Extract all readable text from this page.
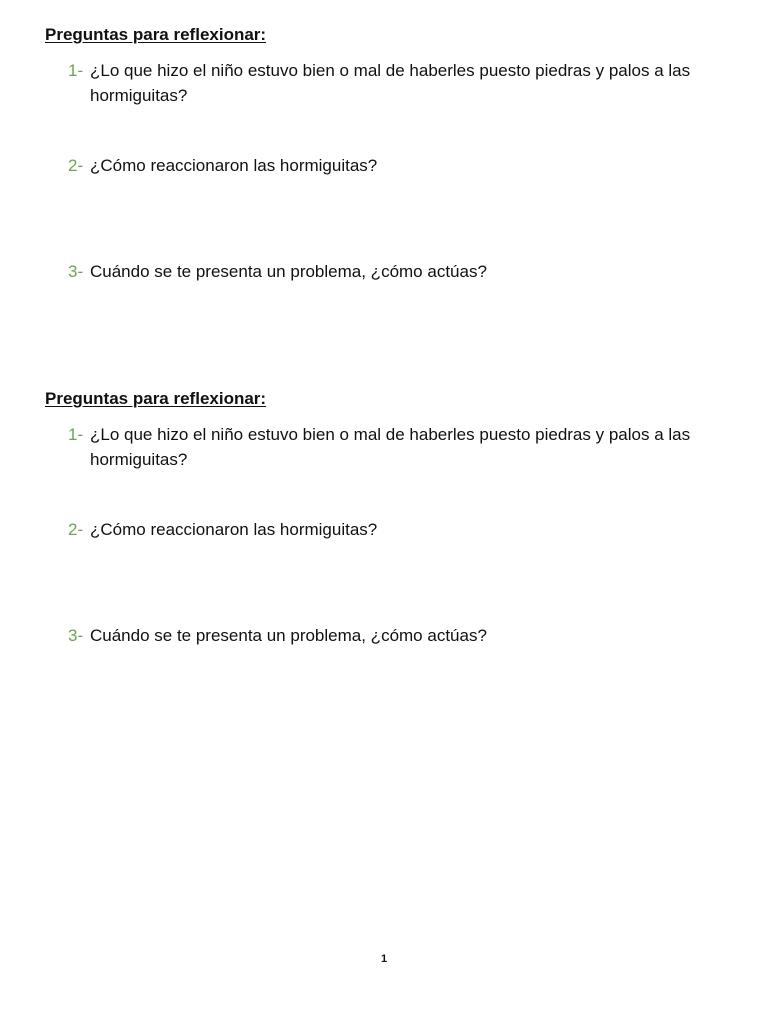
Preguntas para reflexionar:
1- ¿Lo que hizo el niño estuvo bien o mal de haberles puesto piedras y palos a las hormiguitas?
2- ¿Cómo reaccionaron las hormiguitas?
3- Cuándo se te presenta un problema, ¿cómo actúas?
Preguntas para reflexionar:
1- ¿Lo que hizo el niño estuvo bien o mal de haberles puesto piedras y palos a las hormiguitas?
2- ¿Cómo reaccionaron las hormiguitas?
3- Cuándo se te presenta un problema, ¿cómo actúas?
1
